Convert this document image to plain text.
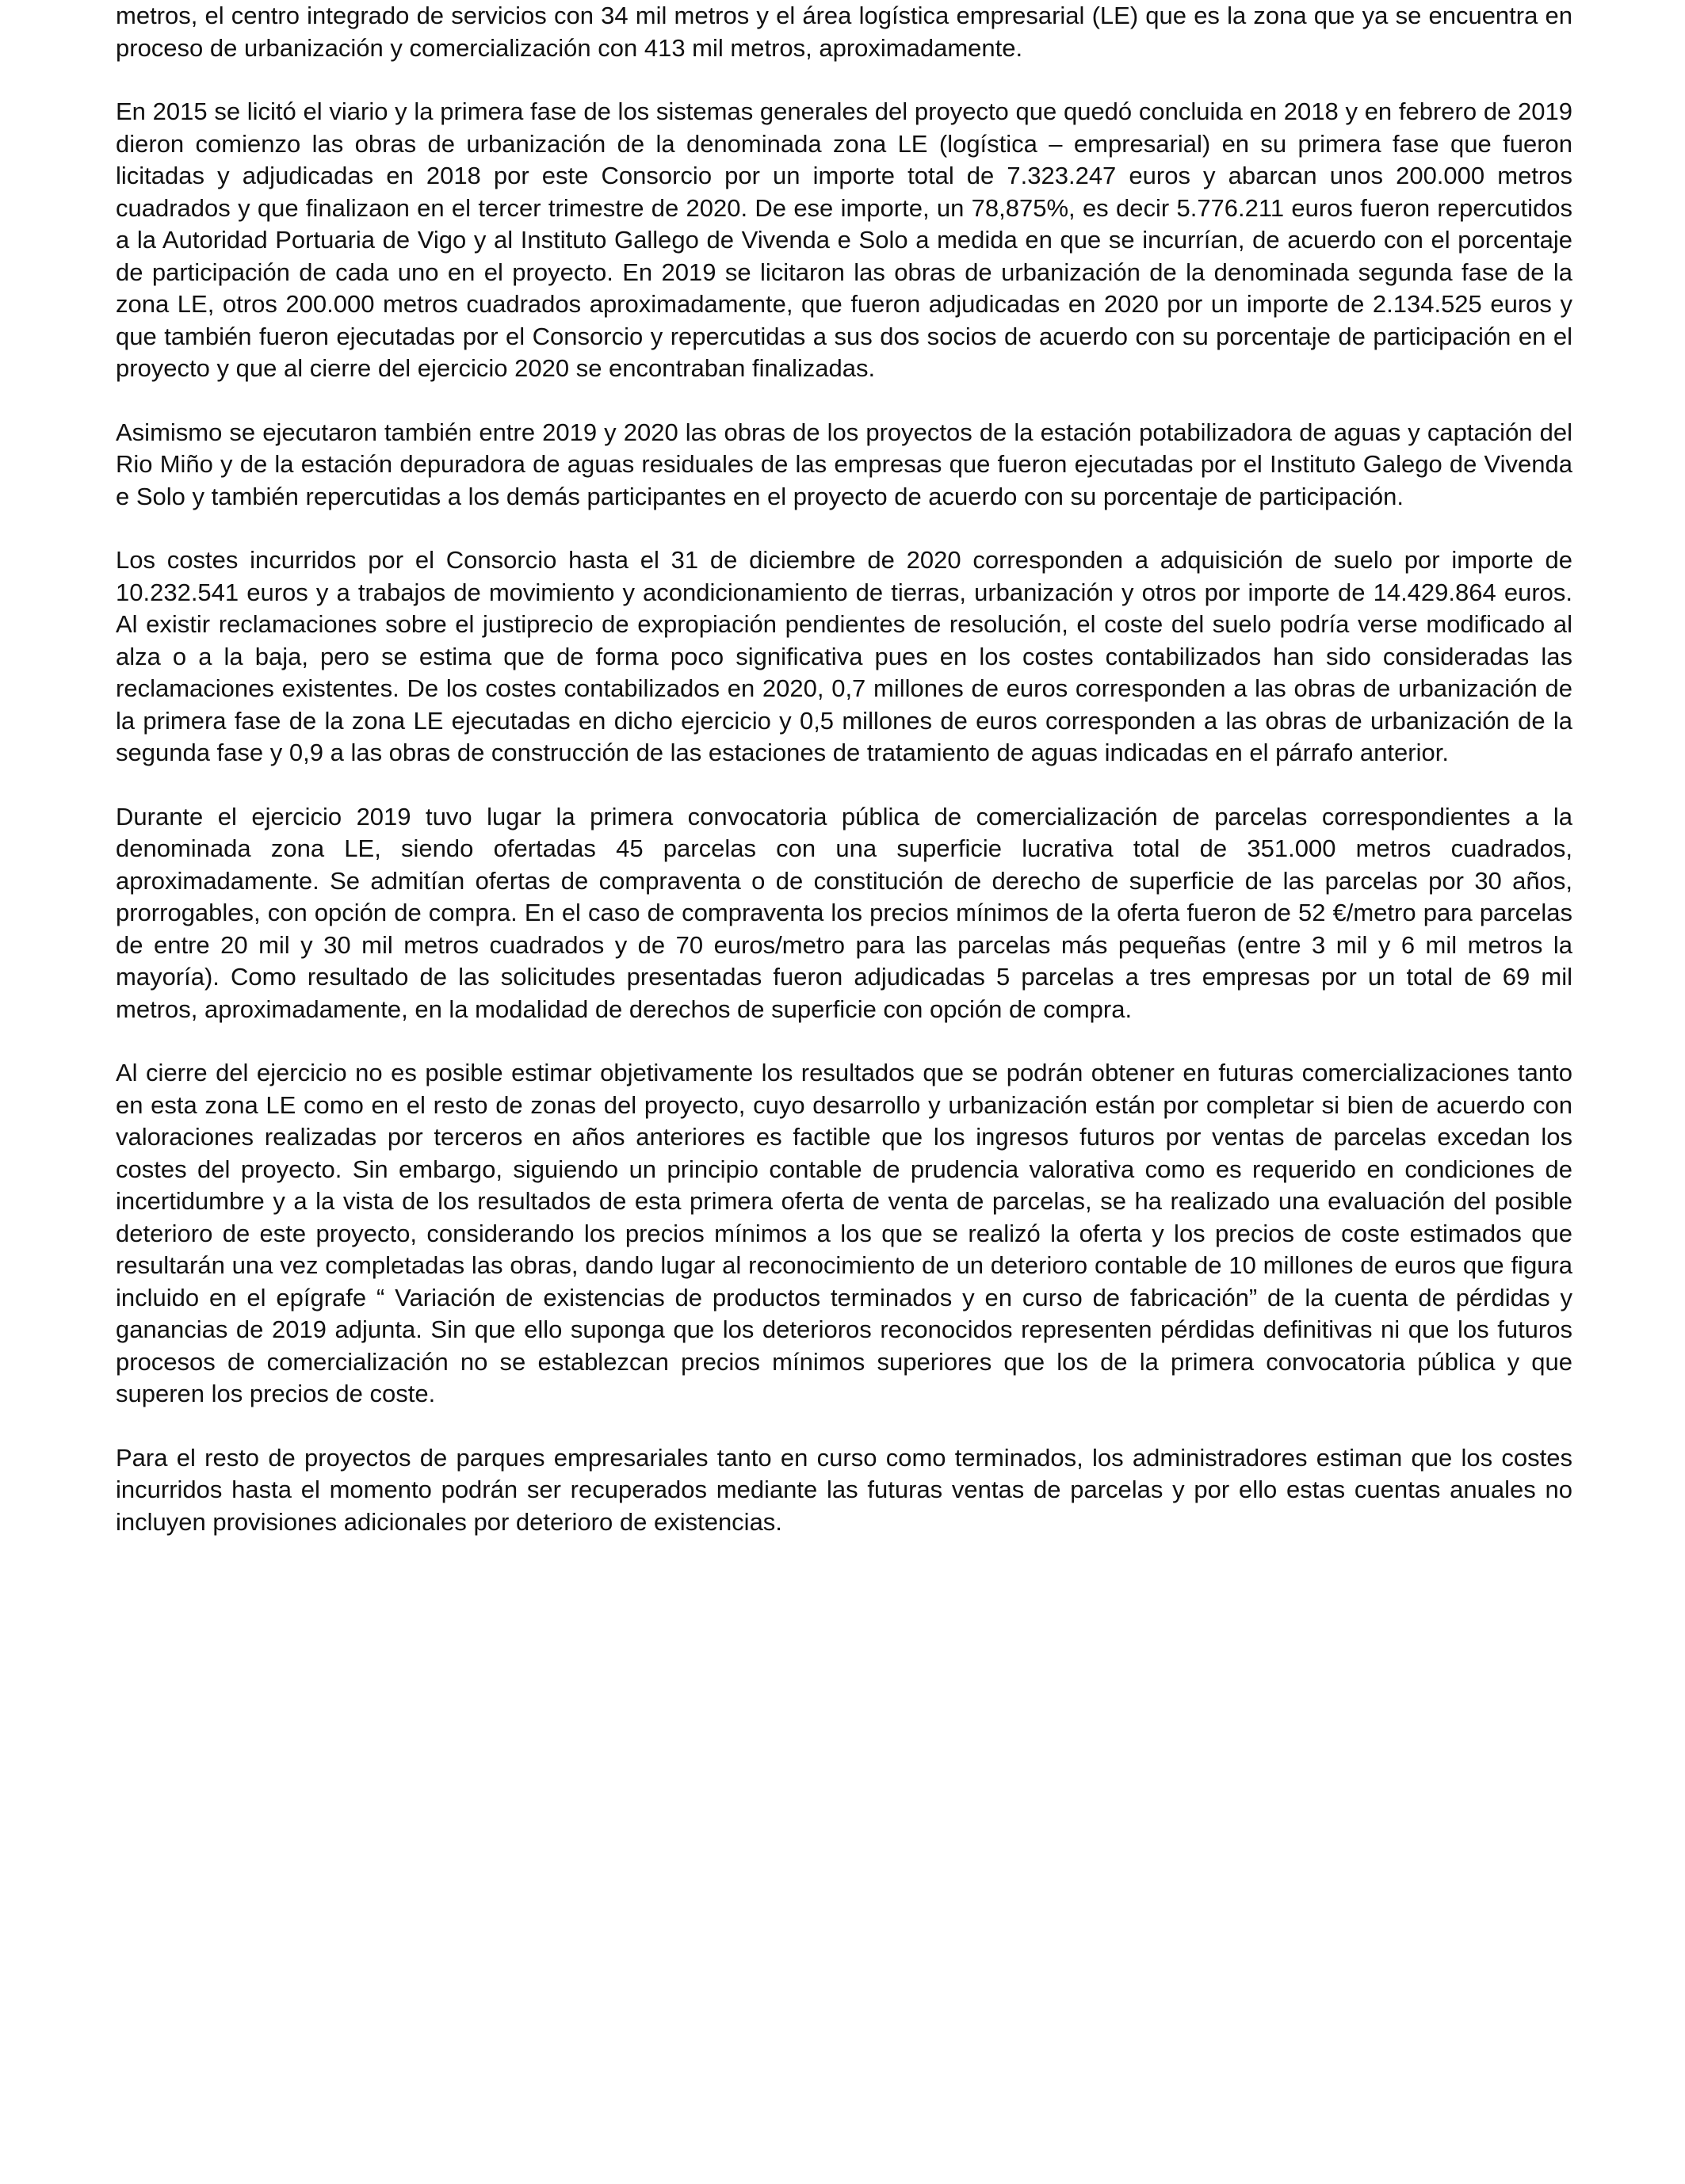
metros, el centro integrado de servicios con 34 mil metros y el área logística empresarial (LE) que es la zona que ya se encuentra en proceso de urbanización y comercialización con 413 mil metros, aproximadamente.

En 2015 se licitó el viario y la primera fase de los sistemas generales del proyecto que quedó concluida en 2018 y en febrero de 2019 dieron comienzo las obras de urbanización de la denominada zona LE (logística – empresarial) en su primera fase que fueron licitadas y adjudicadas en 2018 por este Consorcio por un importe total de 7.323.247 euros y abarcan unos 200.000 metros cuadrados y que finalizaon en el tercer trimestre de 2020. De ese importe, un 78,875%, es decir 5.776.211 euros fueron repercutidos a la Autoridad Portuaria de Vigo y al Instituto Gallego de Vivenda e Solo a medida en que se incurrían, de acuerdo con el porcentaje de participación de cada uno en el proyecto. En 2019 se licitaron las obras de urbanización de la denominada segunda fase de la zona LE, otros 200.000 metros cuadrados aproximadamente, que fueron adjudicadas en 2020 por un importe de 2.134.525 euros y que también fueron ejecutadas por el Consorcio y repercutidas a sus dos socios de acuerdo con su porcentaje de participación en el proyecto y que al cierre del ejercicio 2020 se encontraban finalizadas.

Asimismo se ejecutaron también entre 2019 y 2020 las obras de los proyectos de la estación potabilizadora de aguas y captación del Rio Miño y de la estación depuradora de aguas residuales de las empresas que fueron ejecutadas por el Instituto Galego de Vivenda e Solo y también repercutidas a los demás participantes en el proyecto de acuerdo con su porcentaje de participación.

Los costes incurridos por el Consorcio hasta el 31 de diciembre de 2020 corresponden a adquisición de suelo por importe de 10.232.541 euros y a trabajos de movimiento y acondicionamiento de tierras, urbanización y otros por importe de 14.429.864 euros. Al existir reclamaciones sobre el justiprecio de expropiación pendientes de resolución, el coste del suelo podría verse modificado al alza o a la baja, pero se estima que de forma poco significativa pues en los costes contabilizados han sido consideradas las reclamaciones existentes. De los costes contabilizados en 2020, 0,7 millones de euros corresponden a las obras de urbanización de la primera fase de la zona LE ejecutadas en dicho ejercicio y 0,5 millones de euros corresponden a las obras de urbanización de la segunda fase y 0,9 a las obras de construcción de las estaciones de tratamiento de aguas indicadas en el párrafo anterior.

Durante el ejercicio 2019 tuvo lugar la primera convocatoria pública de comercialización de parcelas correspondientes a la denominada zona LE, siendo ofertadas 45 parcelas con una superficie lucrativa total de 351.000 metros cuadrados, aproximadamente. Se admitían ofertas de compraventa o de constitución de derecho de superficie de las parcelas por 30 años, prorrogables, con opción de compra. En el caso de compraventa los precios mínimos de la oferta fueron de 52 €/metro para parcelas de entre 20 mil y 30 mil metros cuadrados y de 70 euros/metro para las parcelas más pequeñas (entre 3 mil y 6 mil metros la mayoría). Como resultado de las solicitudes presentadas fueron adjudicadas 5 parcelas a tres empresas por un total de 69 mil metros, aproximadamente, en la modalidad de derechos de superficie con opción de compra.

Al cierre del ejercicio no es posible estimar objetivamente los resultados que se podrán obtener en futuras comercializaciones tanto en esta zona LE como en el resto de zonas del proyecto, cuyo desarrollo y urbanización están por completar si bien de acuerdo con valoraciones realizadas por terceros en años anteriores es factible que los ingresos futuros por ventas de parcelas excedan los costes del proyecto. Sin embargo, siguiendo un principio contable de prudencia valorativa como es requerido en condiciones de incertidumbre y a la vista de los resultados de esta primera oferta de venta de parcelas, se ha realizado una evaluación del posible deterioro de este proyecto, considerando los precios mínimos a los que se realizó la oferta y los precios de coste estimados que resultarán una vez completadas las obras, dando lugar al reconocimiento de un deterioro contable de 10 millones de euros que figura incluido en el epígrafe “ Variación de existencias de productos terminados y en curso de fabricación” de la cuenta de pérdidas y ganancias de 2019 adjunta. Sin que ello suponga que los deterioros reconocidos representen pérdidas definitivas ni que los futuros procesos de comercialización no se establezcan precios mínimos superiores que los de la primera convocatoria pública y que superen los precios de coste.

Para el resto de proyectos de parques empresariales tanto en curso como terminados, los administradores estiman que los costes incurridos hasta el momento podrán ser recuperados mediante las futuras ventas de parcelas y por ello estas cuentas anuales no incluyen provisiones adicionales por deterioro de existencias.
